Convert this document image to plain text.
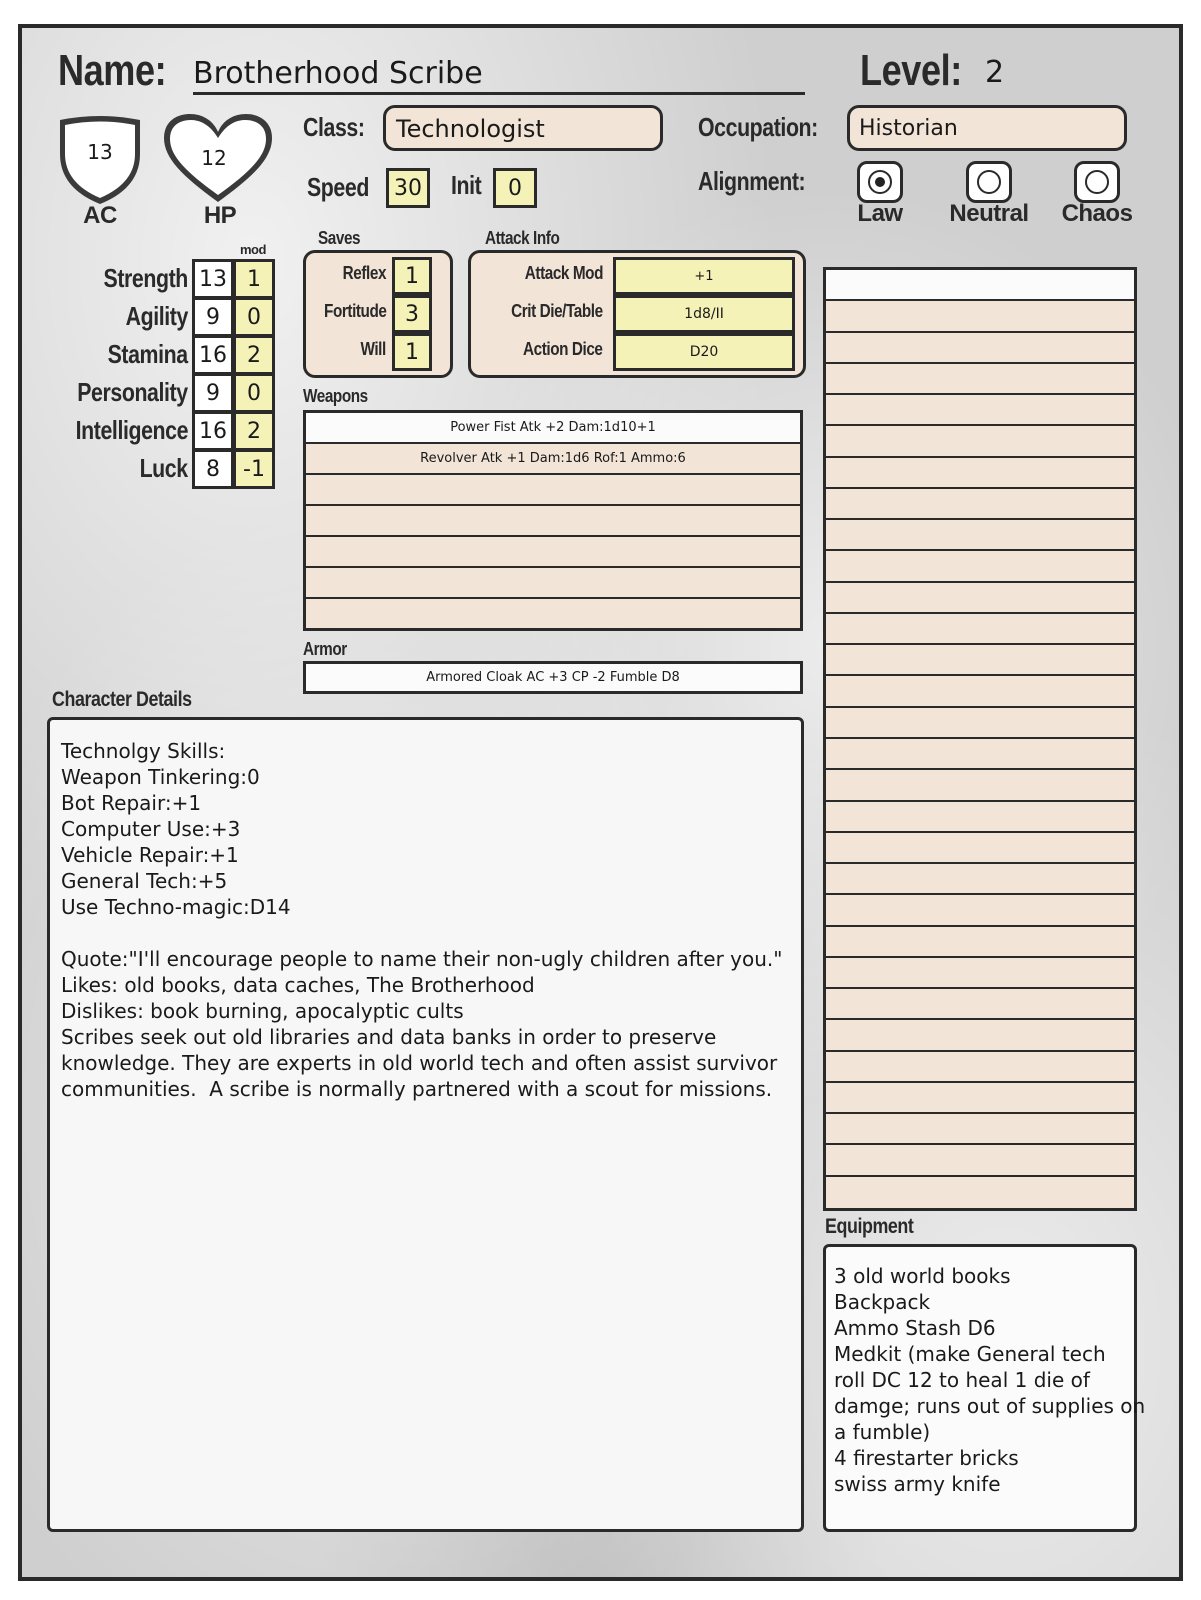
Name: Brotherhood Scribe	Level: 2
13
AC
12
HP
Class:	Technologist	Occupation:	Historian
Speed	30	Init	0	Alignment:
Law Neutral Chaos
mod
Strength 13 1
Agility 9	0
Stamina 16 2
Personality 9	0
Intelligence 16 2
Luck 8	-1
Saves
Reflex 1
Fortitude 3
Will 1
Attack Info
Attack Mod	+1
Crit Die/Table	1d8/II
Action Dice	D20
Weapons
Power Fist Atk +2 Dam:1d10+1
Revolver Atk +1 Dam:1d6 Rof:1 Ammo:6
Armor
Armored Cloak AC +3 CP -2 Fumble D8
Character Details
Technolgy Skills:
Weapon Tinkering:0
Bot Repair:+1
Computer Use:+3
Vehicle Repair:+1
General Tech:+5
Use Techno-magic:D14
Quote:"I'll encourage people to name their non-ugly children after you."
Likes: old books, data caches, The Brotherhood
Dislikes: book burning, apocalyptic cults
Scribes seek out old libraries and data banks in order to preserve
knowledge. They are experts in old world tech and often assist survivor
communities.  A scribe is normally partnered with a scout for missions.
Equipment
3 old world books
Backpack
Ammo Stash D6
Medkit (make General tech
roll DC 12 to heal 1 die of
damge; runs out of supplies on
a fumble)
4 firestarter bricks
swiss army knife
